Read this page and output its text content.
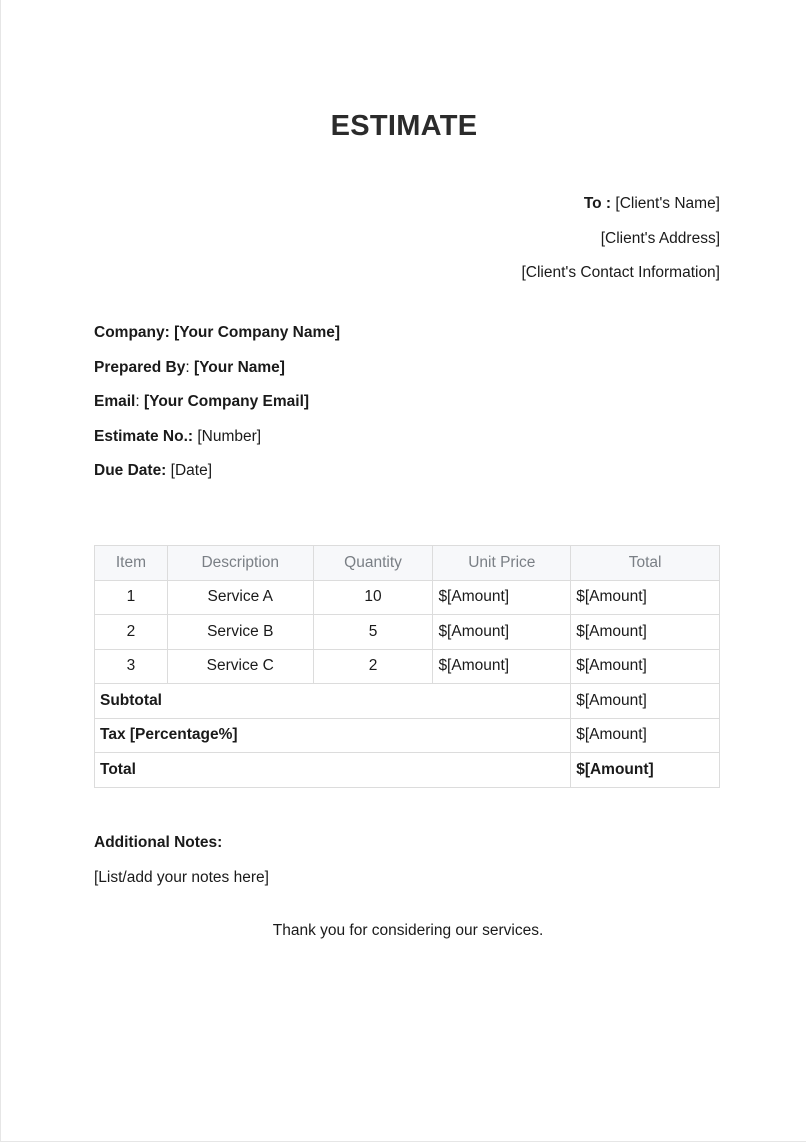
ESTIMATE
To : [Client's Name]
[Client's Address]
[Client's Contact Information]
Company: [Your Company Name]
Prepared By: [Your Name]
Email: [Your Company Email]
Estimate No.: [Number]
Due Date: [Date]
Item	Description	Quantity	Unit Price	Total
1	Service A	10	$[Amount]	$[Amount]
2	Service B	5	$[Amount]	$[Amount]
3	Service C	2	$[Amount]	$[Amount]
Subtotal				$[Amount]
Tax [Percentage%]				$[Amount]
Total				$[Amount]
Additional Notes:
[List/add your notes here]
Thank you for considering our services.
